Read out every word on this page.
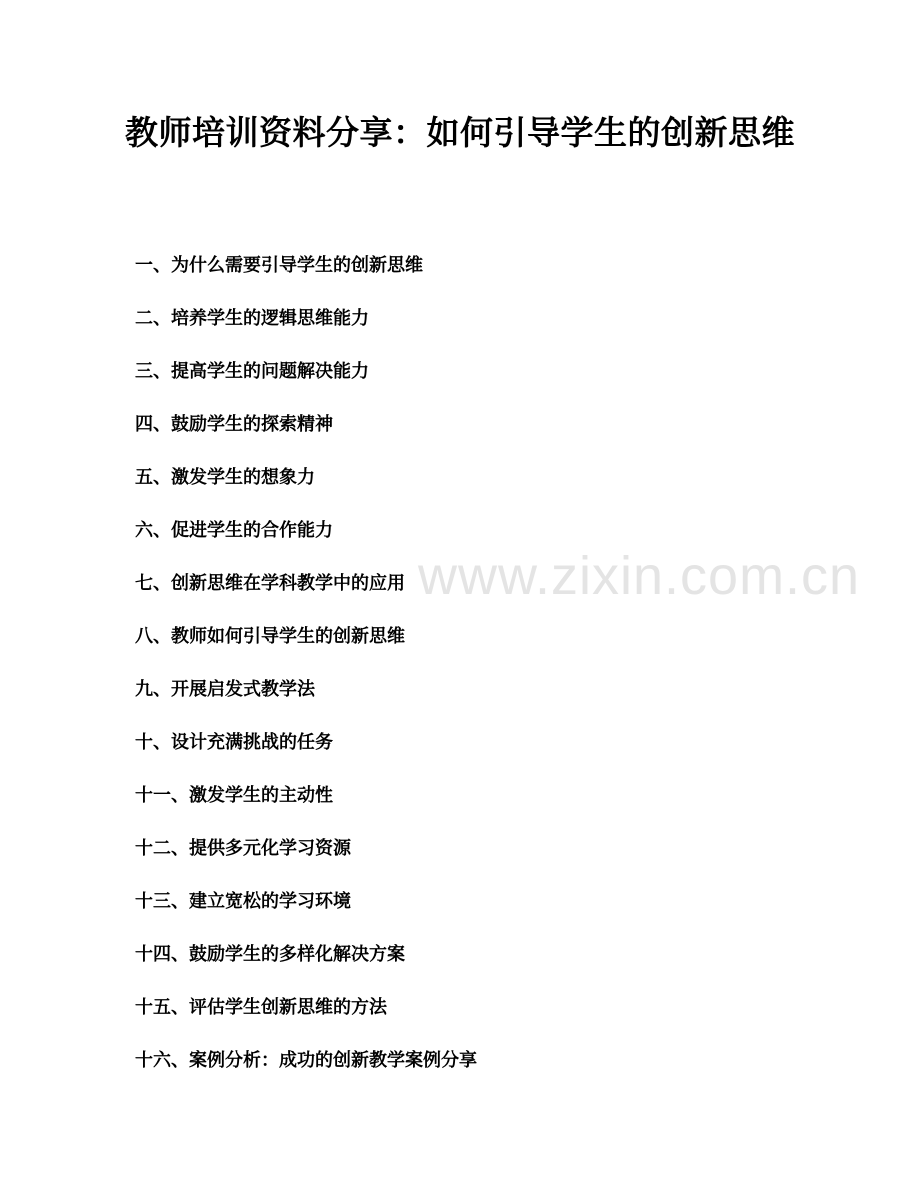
教师培训资料分享：如何引导学生的创新思维
一、为什么需要引导学生的创新思维
二、培养学生的逻辑思维能力
三、提高学生的问题解决能力
四、鼓励学生的探索精神
五、激发学生的想象力
六、促进学生的合作能力
七、创新思维在学科教学中的应用
八、教师如何引导学生的创新思维
九、开展启发式教学法
十、设计充满挑战的任务
十一、激发学生的主动性
十二、提供多元化学习资源
十三、建立宽松的学习环境
十四、鼓励学生的多样化解决方案
十五、评估学生创新思维的方法
十六、案例分析：成功的创新教学案例分享
www.zixin.com.cn
